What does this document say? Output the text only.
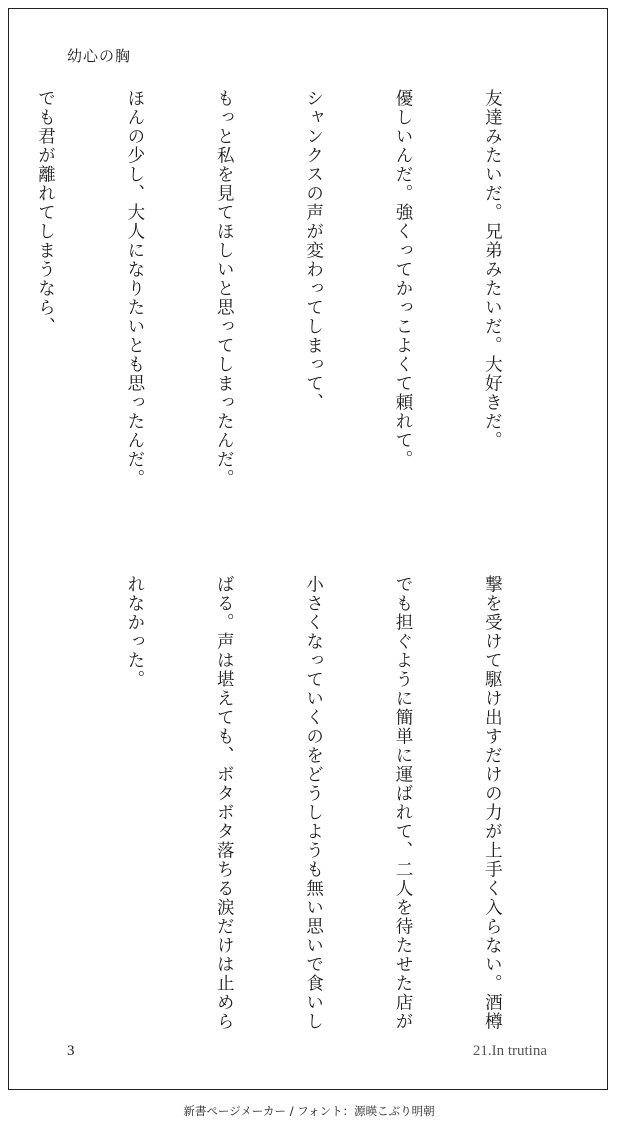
幼心の胸

友達みたいだ。兄弟みたいだ。大好きだ。

優しいんだ。強くってかっこよくて頼れて。

シャンクスの声が変わってしまって、

もっと私を見てほしいと思ってしまったんだ。

ほんの少し、大人になりたいとも思ったんだ。

でも君が離れてしまうなら、

撃を受けて駆け出すだけの力が上手く入らない。酒樽

でも担ぐように簡単に運ばれて、二人を待たせた店が

小さくなっていくのをどうしようも無い思いで食いし

ばる。声は堪えても、ボタボタ落ちる涙だけは止めら

れなかった。

3	21.In trutina
新書ページメーカー / フォント：源暎こぶり明朝
